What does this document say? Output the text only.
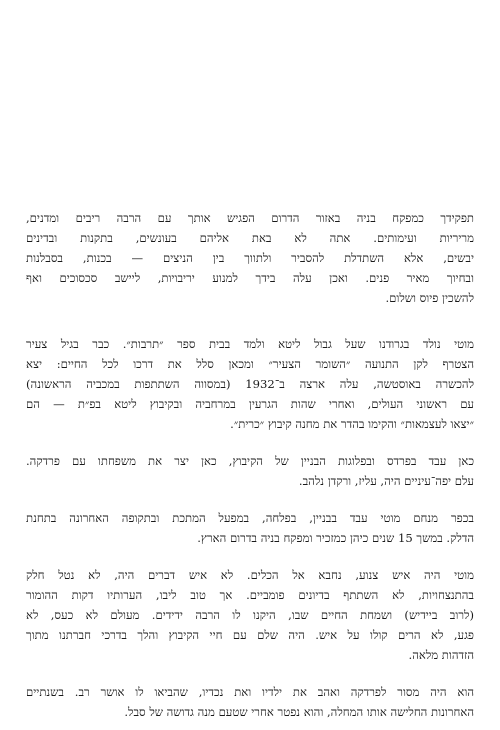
תפקידך כמפקח בניה באזור הדרום הפגיש אותך עם הרבה ריבים ומדנים,
מריריות ועימותים. אתה לא באת אליהם בעונשים, בתקנות ובדינים
יבשים, אלא השתדלת להסביר ולתווך בין הניצים — בכנות, בסבלנות
ובחיוך מאיר פנים. ואכן עלה בידך למנוע יריבויות, ליישב סכסוכים ואף
להשכין פיוס ושלום.
מוטי נולד בגרודנו שעל גבול ליטא ולמד בבית ספר ״תרבות״. כבר בגיל צעיר
הצטרף לקן התנועה ״השומר הצעיר״ ומכאן סלל את דרכו לכל החיים: יצא
להכשרה באוסטשה, עלה ארצה ב־1932 (במסווה השתתפות במכביה הראשונה)
עם ראשוני העולים, ואחרי שהות הגרעין במרחביה ובקיבוץ ליטא בפ״ת — הם
״יצאו לעצמאות״ והקימו בהדר את מחנה קיבוץ ״כרית״.
כאן עבד בפרדס ובפלוגות הבניין של הקיבוץ, כאן יצר את משפחתו עם פרדקה.
עלם יפה־עיניים היה, עליז, ורקדן נלהב.
בכפר מנחם מוטי עבד בבניין, בפלחה, במפעל המתכת ובתקופה האחרונה בתחנת
הדלק. במשך 15 שנים כיהן כמזכיר ומפקח בניה בדרום הארץ.
מוטי היה איש צנוע, נחבא אל הכלים. לא איש דברים היה, לא נטל חלק
בהתנצחויות, לא השתתף בדיונים פומביים. אך טוב ליבו, הערותיו דקות ההומור
(לרוב ביידיש) ושמחת החיים שבו, היקנו לו הרבה ידידים. מעולם לא כעס, לא
פגע, לא הרים קולו על איש. היה שלם עם חיי הקיבוץ והלך בדרכי חברתנו מתוך
הזדהות מלאה.
הוא היה מסור לפרדקה ואהב את ילדיו ואת נכדיו, שהביאו לו אושר רב. בשנתיים
האחרונות החלישה אותו המחלה, והוא נפטר אחרי שטעם מנה גדושה של סבל.
